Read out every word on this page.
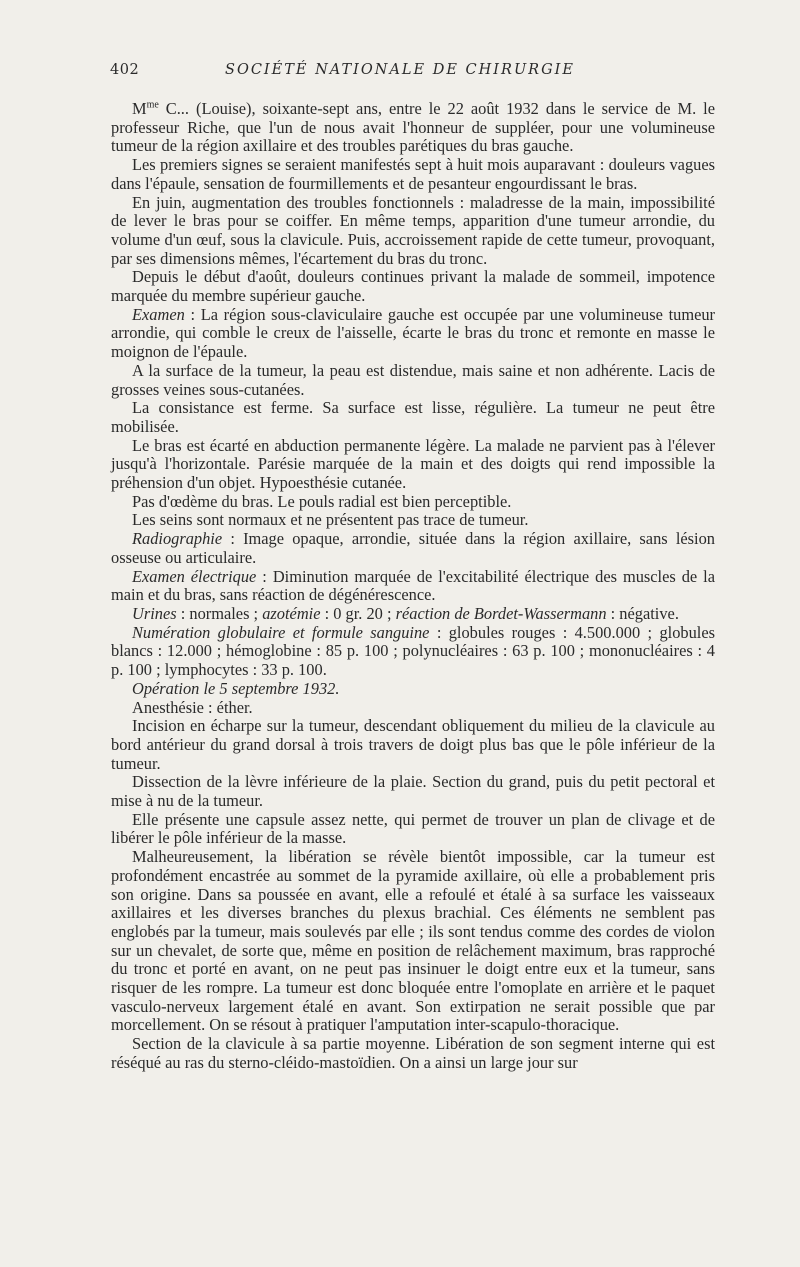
402	SOCIÉTÉ NATIONALE DE CHIRURGIE

$M^{me}$ C... (Louise), soixante-sept ans, entre le 22 août 1932 dans le service de M. le professeur Riche, que l'un de nous avait l'honneur de suppléer, pour une volumineuse tumeur de la région axillaire et des troubles parétiques du bras gauche.

Les premiers signes se seraient manifestés sept à huit mois auparavant : douleurs vagues dans l'épaule, sensation de fourmillements et de pesanteur engourdissant le bras.

En juin, augmentation des troubles fonctionnels : maladresse de la main, impossibilité de lever le bras pour se coiffer. En même temps, apparition d'une tumeur arrondie, du volume d'un œuf, sous la clavicule. Puis, accroissement rapide de cette tumeur, provoquant, par ses dimensions mêmes, l'écartement du bras du tronc.

Depuis le début d'août, douleurs continues privant la malade de sommeil, impotence marquée du membre supérieur gauche.

Examen : La région sous-claviculaire gauche est occupée par une volumineuse tumeur arrondie, qui comble le creux de l'aisselle, écarte le bras du tronc et remonte en masse le moignon de l'épaule.

A la surface de la tumeur, la peau est distendue, mais saine et non adhérente. Lacis de grosses veines sous-cutanées.

La consistance est ferme. Sa surface est lisse, régulière. La tumeur ne peut être mobilisée.

Le bras est écarté en abduction permanente légère. La malade ne parvient pas à l'élever jusqu'à l'horizontale. Parésie marquée de la main et des doigts qui rend impossible la préhension d'un objet. Hypoesthésie cutanée.

Pas d'œdème du bras. Le pouls radial est bien perceptible.

Les seins sont normaux et ne présentent pas trace de tumeur.

Radiographie : Image opaque, arrondie, située dans la région axillaire, sans lésion osseuse ou articulaire.

Examen électrique : Diminution marquée de l'excitabilité électrique des muscles de la main et du bras, sans réaction de dégénérescence.

Urines : normales ; azotémie : 0 gr. 20 ; réaction de Bordet-Wassermann : négative.

Numération globulaire et formule sanguine : globules rouges : 4.500.000 ; globules blancs : 12.000 ; hémoglobine : 85 p. 100 ; polynucléaires : 63 p. 100 ; mononucléaires : 4 p. 100 ; lymphocytes : 33 p. 100.

Opération le 5 septembre 1932.

Anesthésie : éther.

Incision en écharpe sur la tumeur, descendant obliquement du milieu de la clavicule au bord antérieur du grand dorsal à trois travers de doigt plus bas que le pôle inférieur de la tumeur.

Dissection de la lèvre inférieure de la plaie. Section du grand, puis du petit pectoral et mise à nu de la tumeur.

Elle présente une capsule assez nette, qui permet de trouver un plan de clivage et de libérer le pôle inférieur de la masse.

Malheureusement, la libération se révèle bientôt impossible, car la tumeur est profondément encastrée au sommet de la pyramide axillaire, où elle a probablement pris son origine. Dans sa poussée en avant, elle a refoulé et étalé à sa surface les vaisseaux axillaires et les diverses branches du plexus brachial. Ces éléments ne semblent pas englobés par la tumeur, mais soulevés par elle ; ils sont tendus comme des cordes de violon sur un chevalet, de sorte que, même en position de relâchement maximum, bras rapproché du tronc et porté en avant, on ne peut pas insinuer le doigt entre eux et la tumeur, sans risquer de les rompre. La tumeur est donc bloquée entre l'omoplate en arrière et le paquet vasculo-nerveux largement étalé en avant. Son extirpation ne serait possible que par morcellement. On se résout à pratiquer l'amputation inter-scapulo-thoracique.

Section de la clavicule à sa partie moyenne. Libération de son segment interne qui est réséqué au ras du sterno-cléido-mastoïdien. On a ainsi un large jour sur
